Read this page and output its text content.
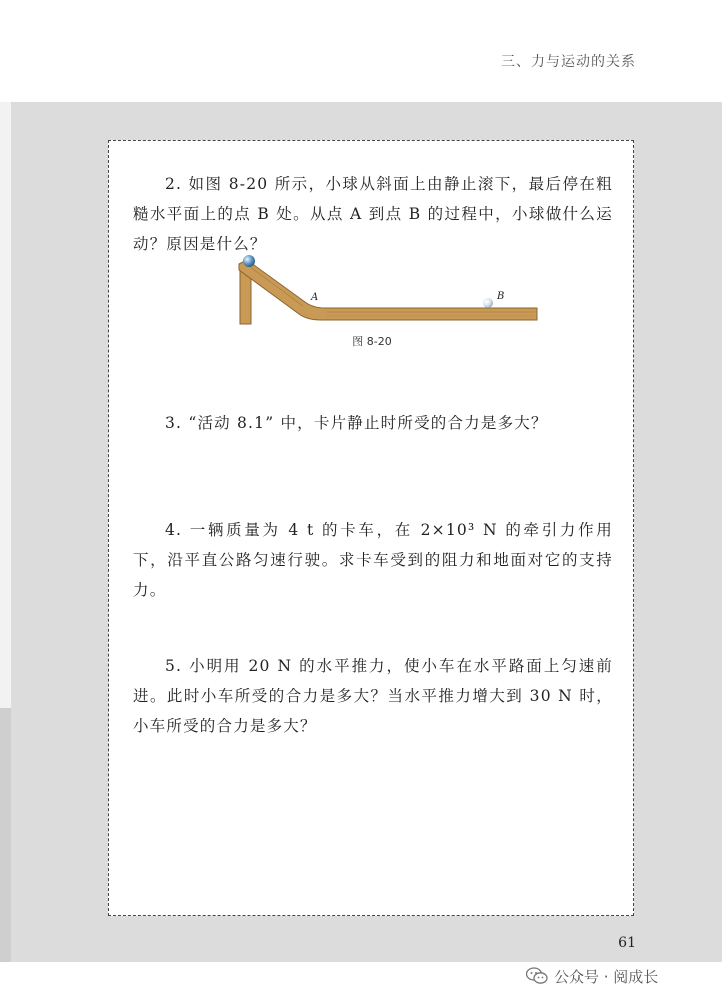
三、力与运动的关系
2. 如图 8-20 所示，小球从斜面上由静止滚下，最后停在粗糙水平面上的点 B 处。从点 A 到点 B 的过程中，小球做什么运动？原因是什么？
A	B
图 8-20
3. “活动 8.1” 中，卡片静止时所受的合力是多大？
4. 一辆质量为 4 t 的卡车，在 2×10³ N 的牵引力作用下，沿平直公路匀速行驶。求卡车受到的阻力和地面对它的支持力。
5. 小明用 20 N 的水平推力，使小车在水平路面上匀速前进。此时小车所受的合力是多大？当水平推力增大到 30 N 时，小车所受的合力是多大？
61
公众号 · 阅成长
